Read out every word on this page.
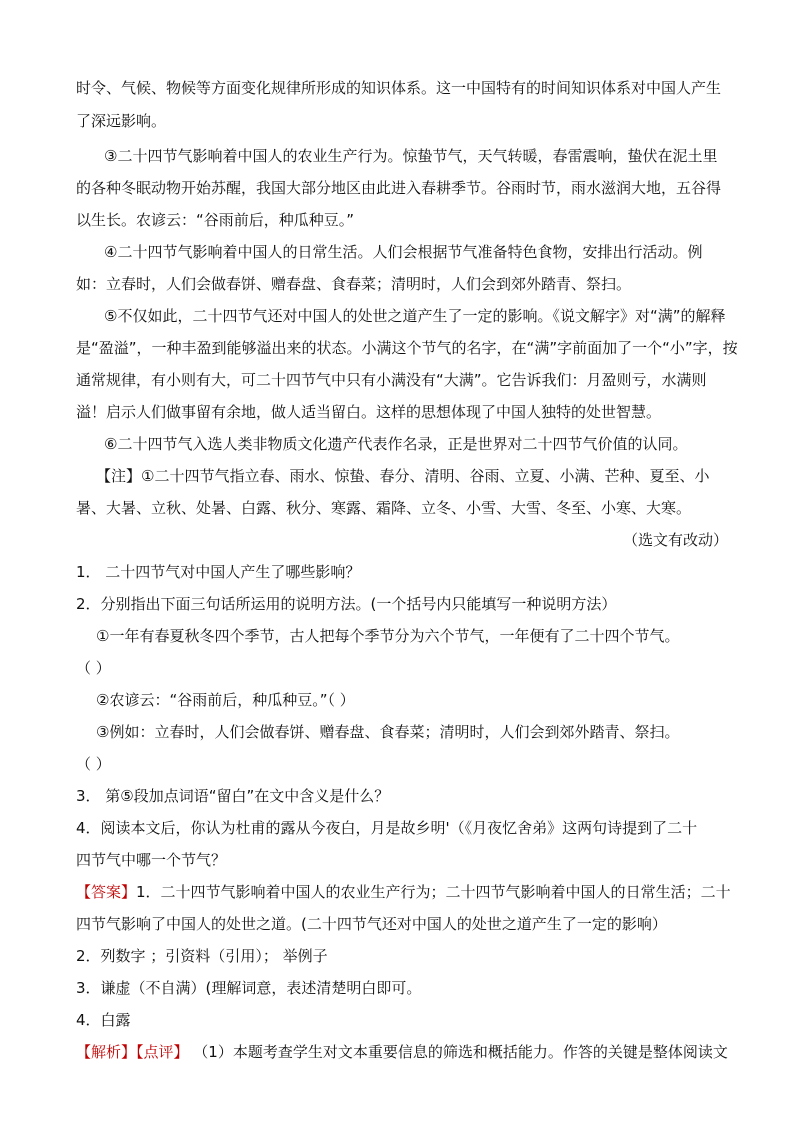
时令、气候、物候等方面变化规律所形成的知识体系。这一中国特有的时间知识体系对中国人产生
了深远影响。
③二十四节气影响着中国人的农业生产行为。惊蛰节气，天气转暖，春雷震响，蛰伏在泥土里
的各种冬眠动物开始苏醒，我国大部分地区由此进入春耕季节。谷雨时节，雨水滋润大地，五谷得
以生长。农谚云：“谷雨前后，种瓜种豆。”
④二十四节气影响着中国人的日常生活。人们会根据节气准备特色食物，安排出行活动。例
如：立春时，人们会做春饼、赠春盘、食春菜；清明时，人们会到郊外踏青、祭扫。
⑤不仅如此，二十四节气还对中国人的处世之道产生了一定的影响。《说文解字》对“满”的解释
是“盈溢”，一种丰盈到能够溢出来的状态。小满这个节气的名字，在“满”字前面加了一个“小”字，按
通常规律，有小则有大，可二十四节气中只有小满没有“大满”。它告诉我们：月盈则亏，水满则
溢！启示人们做事留有余地，做人适当留白。这样的思想体现了中国人独特的处世智慧。
⑥二十四节气入选人类非物质文化遗产代表作名录，正是世界对二十四节气价值的认同。
【注】①二十四节气指立春、雨水、惊蛰、春分、清明、谷雨、立夏、小满、芒种、夏至、小
暑、大暑、立秋、处暑、白露、秋分、寒露、霜降、立冬、小雪、大雪、冬至、小寒、大寒。
（选文有改动）
1． 二十四节气对中国人产生了哪些影响？
2．分别指出下面三句话所运用的说明方法。(一个括号内只能填写一种说明方法）
①一年有春夏秋冬四个季节，古人把每个季节分为六个节气，一年便有了二十四个节气。
（ ）
②农谚云：“谷雨前后，种瓜种豆。”（ ）
③例如：立春时，人们会做春饼、赠春盘、食春菜；清明时，人们会到郊外踏青、祭扫。
（ ）
3． 第⑤段加点词语“留白”在文中含义是什么？
4．阅读本文后，你认为杜甫的露从今夜白，月是故乡明'（《月夜忆舍弟》这两句诗提到了二十
四节气中哪一个节气？
【答案】1．二十四节气影响着中国人的农业生产行为；二十四节气影响着中国人的日常生活；二十
四节气影响了中国人的处世之道。(二十四节气还对中国人的处世之道产生了一定的影响）
2．列数字 ；引资料（引用）； 举例子
3．谦虚（不自满）(理解词意，表述清楚明白即可。
4．白露
【解析】【点评】 （1）本题考查学生对文本重要信息的筛选和概括能力。作答的关键是整体阅读文
